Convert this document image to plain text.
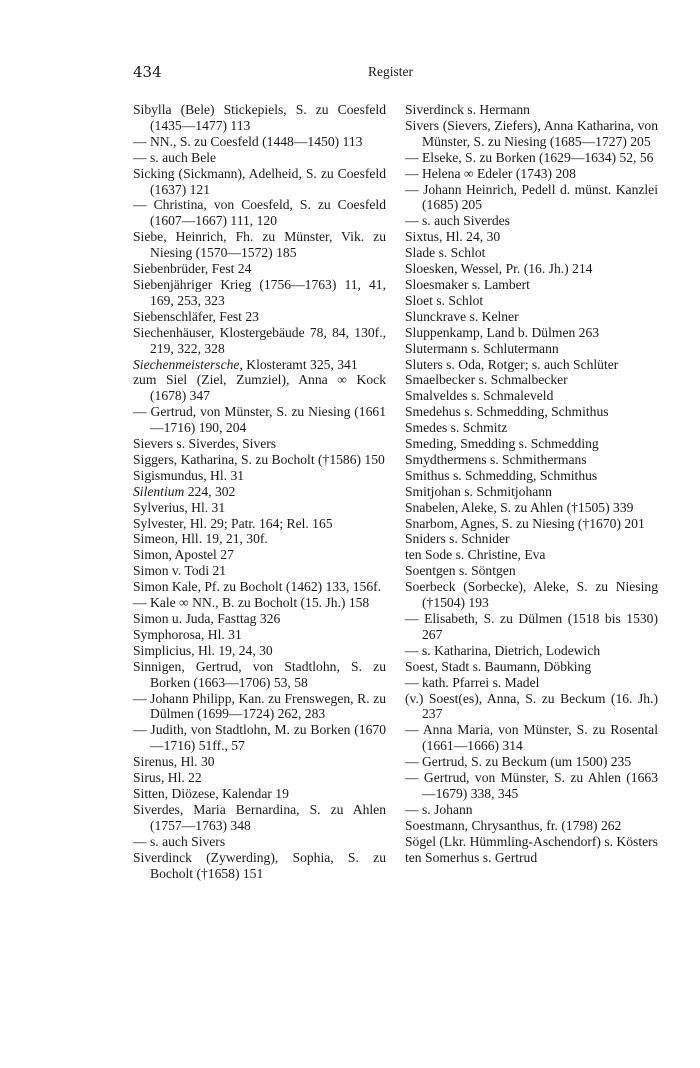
434	Register

Sibylla (Bele) Stickepiels, S. zu Coesfeld (1435—1477) 113

— NN., S. zu Coesfeld (1448—1450) 113

— s. auch Bele

Sicking (Sickmann), Adelheid, S. zu Coesfeld (1637) 121

— Christina, von Coesfeld, S. zu Coesfeld (1607—1667) 111, 120

Siebe, Heinrich, Fh. zu Münster, Vik. zu Niesing (1570—1572) 185

Siebenbrüder, Fest 24

Siebenjähriger Krieg (1756—1763) 11, 41, 169, 253, 323

Siebenschläfer, Fest 23

Siechenhäuser, Klostergebäude 78, 84, 130f., 219, 322, 328

Siechenmeistersche, Klosteramt 325, 341

zum Siel (Ziel, Zumziel), Anna ∞ Kock (1678) 347

— Gertrud, von Münster, S. zu Niesing (1661—1716) 190, 204

Sievers s. Siverdes, Sivers

Siggers, Katharina, S. zu Bocholt (†1586) 150

Sigismundus, Hl. 31

Silentium 224, 302

Sylverius, Hl. 31

Sylvester, Hl. 29; Patr. 164; Rel. 165

Simeon, Hll. 19, 21, 30f.

Simon, Apostel 27

Simon v. Todi 21

Simon Kale, Pf. zu Bocholt (1462) 133, 156f.

— Kale ∞ NN., B. zu Bocholt (15. Jh.) 158

Simon u. Juda, Fasttag 326

Symphorosa, Hl. 31

Simplicius, Hl. 19, 24, 30

Sinnigen, Gertrud, von Stadtlohn, S. zu Borken (1663—1706) 53, 58

— Johann Philipp, Kan. zu Frenswegen, R. zu Dülmen (1699—1724) 262, 283

— Judith, von Stadtlohn, M. zu Borken (1670—1716) 51ff., 57

Sirenus, Hl. 30

Sirus, Hl. 22

Sitten, Diözese, Kalendar 19

Siverdes, Maria Bernardina, S. zu Ahlen (1757—1763) 348

— s. auch Sivers

Siverdinck (Zywerding), Sophia, S. zu Bocholt (†1658) 151

Siverdinck s. Hermann

Sivers (Sievers, Ziefers), Anna Katharina, von Münster, S. zu Niesing (1685—1727) 205

— Elseke, S. zu Borken (1629—1634) 52, 56

— Helena ∞ Edeler (1743) 208

— Johann Heinrich, Pedell d. münst. Kanzlei (1685) 205

— s. auch Siverdes

Sixtus, Hl. 24, 30

Slade s. Schlot

Sloesken, Wessel, Pr. (16. Jh.) 214

Sloesmaker s. Lambert

Sloet s. Schlot

Slunckrave s. Kelner

Sluppenkamp, Land b. Dülmen 263

Slutermann s. Schlutermann

Sluters s. Oda, Rotger; s. auch Schlüter

Smaelbecker s. Schmalbecker

Smalveldes s. Schmaleveld

Smedehus s. Schmedding, Schmithus

Smedes s. Schmitz

Smeding, Smedding s. Schmedding

Smydthermens s. Schmithermans

Smithus s. Schmedding, Schmithus

Smitjohan s. Schmitjohann

Snabelen, Aleke, S. zu Ahlen (†1505) 339

Snarbom, Agnes, S. zu Niesing (†1670) 201

Sniders s. Schnider

ten Sode s. Christine, Eva

Soentgen s. Söntgen

Soerbeck (Sorbecke), Aleke, S. zu Niesing (†1504) 193

— Elisabeth, S. zu Dülmen (1518 bis 1530) 267

— s. Katharina, Dietrich, Lodewich

Soest, Stadt s. Baumann, Döbking

— kath. Pfarrei s. Madel

(v.) Soest(es), Anna, S. zu Beckum (16. Jh.) 237

— Anna Maria, von Münster, S. zu Rosental (1661—1666) 314

— Gertrud, S. zu Beckum (um 1500) 235

— Gertrud, von Münster, S. zu Ahlen (1663—1679) 338, 345

— s. Johann

Soestmann, Chrysanthus, fr. (1798) 262

Sögel (Lkr. Hümmling-Aschendorf) s. Kösters

ten Somerhus s. Gertrud
